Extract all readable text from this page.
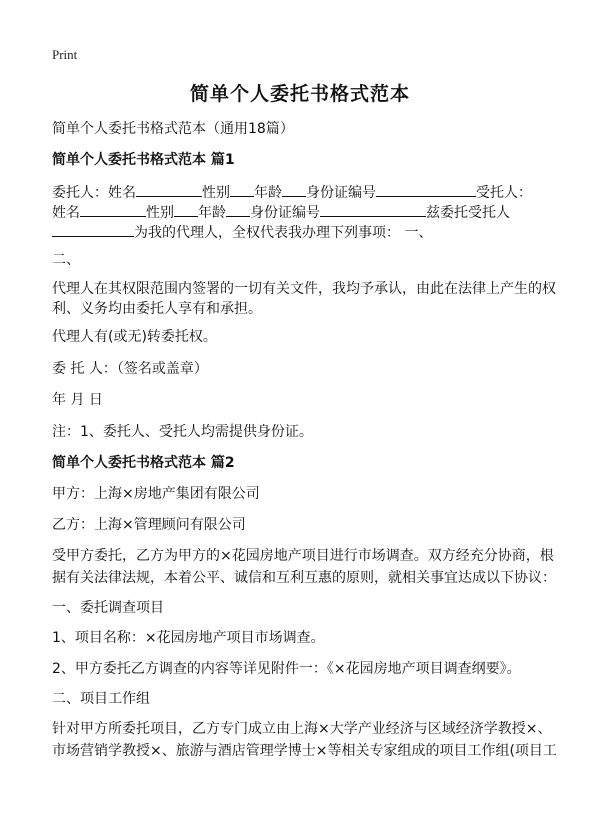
Print
简单个人委托书格式范本
简单个人委托书格式范本（通用18篇）
简单个人委托书格式范本 篇1
委托人：姓名	性别 年龄 身份证编号	受托人：
姓名	性别 年龄 身份证编号	兹委托受托人
为我的代理人，全权代表我办理下列事项： 一、
二、
代理人在其权限范围内签署的一切有关文件，我均予承认，由此在法律上产生的权
利、义务均由委托人享有和承担。
代理人有(或无)转委托权。
委 托 人：（签名或盖章）
年 月 日
注：1、委托人、受托人均需提供身份证。
简单个人委托书格式范本 篇2
甲方：上海×房地产集团有限公司
乙方：上海×管理顾问有限公司
受甲方委托，乙方为甲方的×花园房地产项目进行市场调查。双方经充分协商，根
据有关法律法规，本着公平、诚信和互利互惠的原则，就相关事宜达成以下协议：
一、委托调查项目
1、项目名称：×花园房地产项目市场调查。
2、甲方委托乙方调查的内容等详见附件一：《×花园房地产项目调查纲要》。
二、项目工作组
针对甲方所委托项目，乙方专门成立由上海×大学产业经济与区域经济学教授×、
市场营销学教授×、旅游与酒店管理学博士×等相关专家组成的项目工作组(项目工
